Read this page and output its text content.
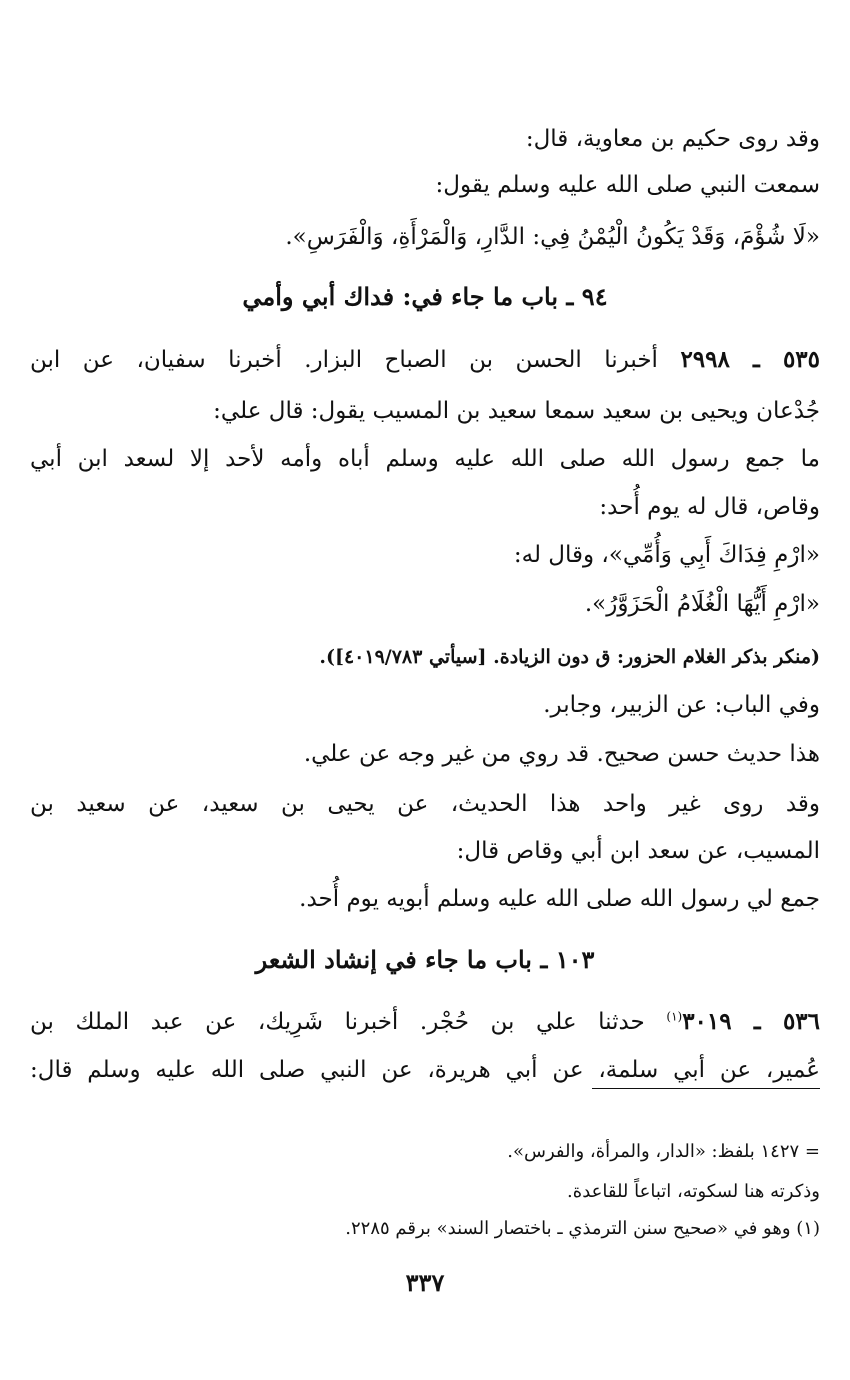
وقد روى حكيم بن معاوية، قال:
سمعت النبي صلى الله عليه وسلم يقول:
«لَا شُؤْمَ، وَقَدْ يَكُونُ الْيُمْنُ فِي: الدَّارِ، وَالْمَرْأَةِ، وَالْفَرَسِ».
٩٤ ـ باب ما جاء في: فداك أبي وأمي
٥٣٥ ـ ٢٩٩٨ أخبرنا الحسن بن الصباح البزار. أخبرنا سفيان، عن ابن
جُدْعان ويحيى بن سعيد سمعا سعيد بن المسيب يقول: قال علي:
ما جمع رسول الله صلى الله عليه وسلم أباه وأمه لأحد إلا لسعد ابن أبي
وقاص، قال له يوم أُحد:
«ارْمِ فِدَاكَ أَبِي وَأُمِّي»، وقال له:
«ارْمِ أَيُّهَا الْغُلَامُ الْحَزَوَّرُ».
(منكر بذكر الغلام الحزور: ق دون الزيادة. [سيأتي ٤٠١٩/٧٨٣]).
وفي الباب: عن الزبير، وجابر.
هذا حديث حسن صحيح. قد روي من غير وجه عن علي.
وقد روى غير واحد هذا الحديث، عن يحيى بن سعيد، عن سعيد بن
المسيب، عن سعد ابن أبي وقاص قال:
جمع لي رسول الله صلى الله عليه وسلم أبويه يوم أُحد.
١٠٣ ـ باب ما جاء في إنشاد الشعر
٥٣٦ ـ ٣٠١٩$^{(١)}$ حدثنا علي بن حُجْر. أخبرنا شَرِيك، عن عبد الملك بن
عُمير، عن أبي سلمة، عن أبي هريرة، عن النبي صلى الله عليه وسلم قال:
= ١٤٢٧ بلفظ: «الدار، والمرأة، والفرس».
وذكرته هنا لسكوته، اتباعاً للقاعدة.
(١) وهو في «صحيح سنن الترمذي ـ باختصار السند» برقم ٢٢٨٥.
٣٣٧
